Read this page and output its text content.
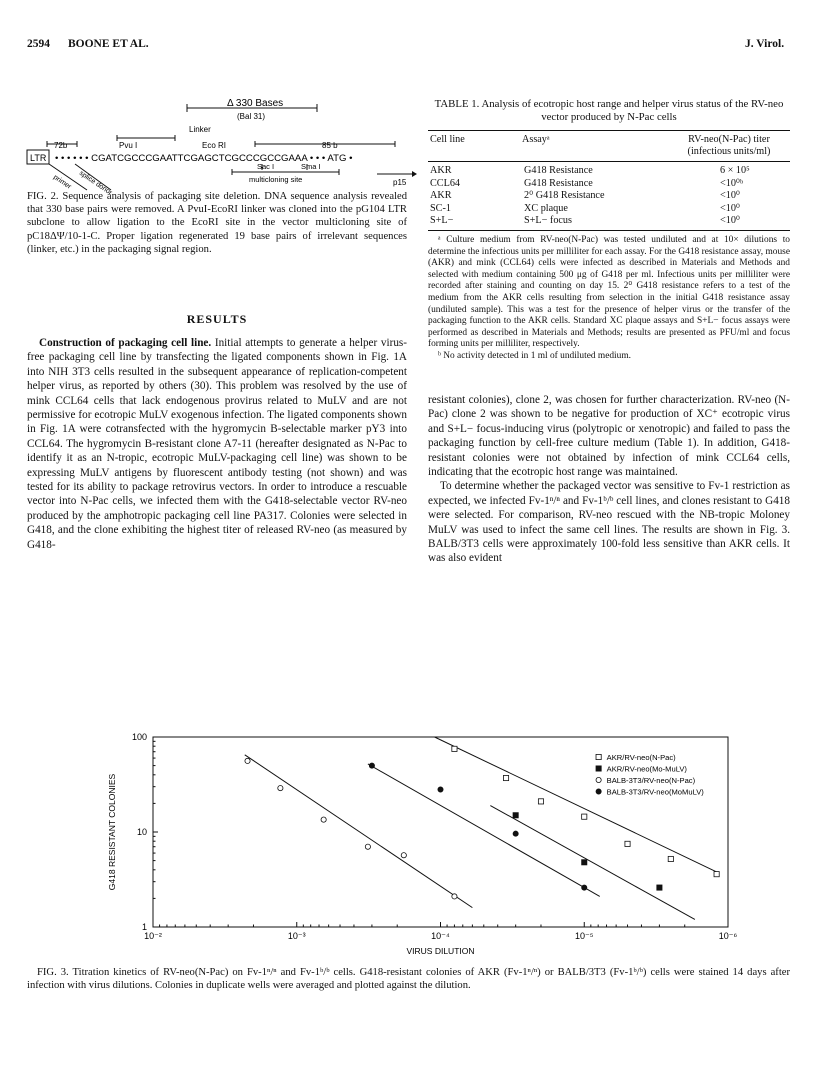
2594 BOONE ET AL.	J. Virol.
Δ 330 Bases
(Bal 31)
Linker
Pvu I	Eco RI
72b	85 b
LTR • • • • • • CGATCGCCCGAATTCGAGCTCGCCCGCCGAAA • • • ATG •
Sac I	Sma I
multicloning site
primer splice donor	p15
FIG. 2. Sequence analysis of packaging site deletion. DNA sequence analysis revealed that 330 base pairs were removed. A PvuI-EcoRI linker was cloned into the pG104 LTR subclone to allow ligation to the EcoRI site in the vector multicloning site of pC18ΔΨ/10-1-C. Proper ligation regenerated 19 base pairs of irrelevant sequences (linker, etc.) in the packaging signal region.
RESULTS

Construction of packaging cell line. Initial attempts to generate a helper virus-free packaging cell line by transfecting the ligated components shown in Fig. 1A into NIH 3T3 cells resulted in the subsequent appearance of replication-competent helper virus, as reported by others (30). This problem was resolved by the use of mink CCL64 cells that lack endogenous provirus related to MuLV and are not permissive for ecotropic MuLV exogenous infection. The ligated components shown in Fig. 1A were cotransfected with the hygromycin B-selectable marker pY3 into CCL64. The hygromycin B-resistant clone A7-11 (hereafter designated as N-Pac to identify it as an N-tropic, ecotropic MuLV-packaging cell line) was shown to be expressing MuLV antigens by fluorescent antibody testing (not shown) and was tested for its ability to package retrovirus vectors. In order to introduce a rescuable vector into N-Pac cells, we infected them with the G418-selectable vector RV-neo produced by the amphotropic packaging cell line PA317. Colonies were selected in G418, and the clone exhibiting the highest titer of released RV-neo (as measured by G418-

TABLE 1. Analysis of ecotropic host range and helper virus status of the RV-neo vector produced by N-Pac cells
Cell line	Assayᵃ	RV-neo(N-Pac) titer
(infectious units/ml)
AKR	G418 Resistance	6 × 10⁵
CCL64	G418 Resistance	<10⁰ᵇ
AKR	2⁰ G418 Resistance	<10⁰
SC-1	XC plaque	<10⁰
S+L−	S+L− focus	<10⁰

ᵃ Culture medium from RV-neo(N-Pac) was tested undiluted and at 10× dilutions to determine the infectious units per milliliter for each assay. For the G418 resistance assay, mouse (AKR) and mink (CCL64) cells were infected as described in Materials and Methods and selected with medium containing 500 μg of G418 per ml. Infectious units per milliliter were recorded after staining and counting on day 15. 2⁰ G418 resistance refers to a test of the medium from the AKR cells resulting from selection in the initial G418 resistance assay (undiluted sample). This was a test for the presence of helper virus or the transfer of the packaging function to the AKR cells. Standard XC plaque assays and S+L− focus assays were performed as described in Materials and Methods; results are presented as PFU/ml and focus forming units per milliliter, respectively.

ᵇ No activity detected in 1 ml of undiluted medium.

resistant colonies), clone 2, was chosen for further characterization. RV-neo (N-Pac) clone 2 was shown to be negative for production of XC⁺ ecotropic virus and S+L− focus-inducing virus (polytropic or xenotropic) and failed to pass the packaging function by cell-free culture medium (Table 1). In addition, G418-resistant colonies were not obtained by infection of mink CCL64 cells, indicating that the ecotropic host range was maintained.

To determine whether the packaged vector was sensitive to Fv-1 restriction as expected, we infected Fv-1ⁿ/ⁿ and Fv-1ᵇ/ᵇ cell lines, and clones resistant to G418 were selected. For comparison, RV-neo rescued with the NB-tropic Moloney MuLV was used to infect the same cell lines. The results are shown in Fig. 3. BALB/3T3 cells were approximately 100-fold less sensitive than AKR cells. It was also evident

10⁻²	10⁻³	10⁻⁴	10⁻⁵	10⁻⁶
1
10
100
AKR/RV-neo(N-Pac)
AKR/RV-neo(Mo-MuLV)
BALB-3T3/RV-neo(N-Pac)
BALB-3T3/RV-neo(MoMuLV)
VIRUS DILUTION
G418 RESISTANT COLONIES
FIG. 3. Titration kinetics of RV-neo(N-Pac) on Fv-1ⁿ/ⁿ and Fv-1ᵇ/ᵇ cells. G418-resistant colonies of AKR (Fv-1ⁿ/ⁿ) or BALB/3T3 (Fv-1ᵇ/ᵇ) cells were stained 14 days after infection with virus dilutions. Colonies in duplicate wells were averaged and plotted against the dilution.
